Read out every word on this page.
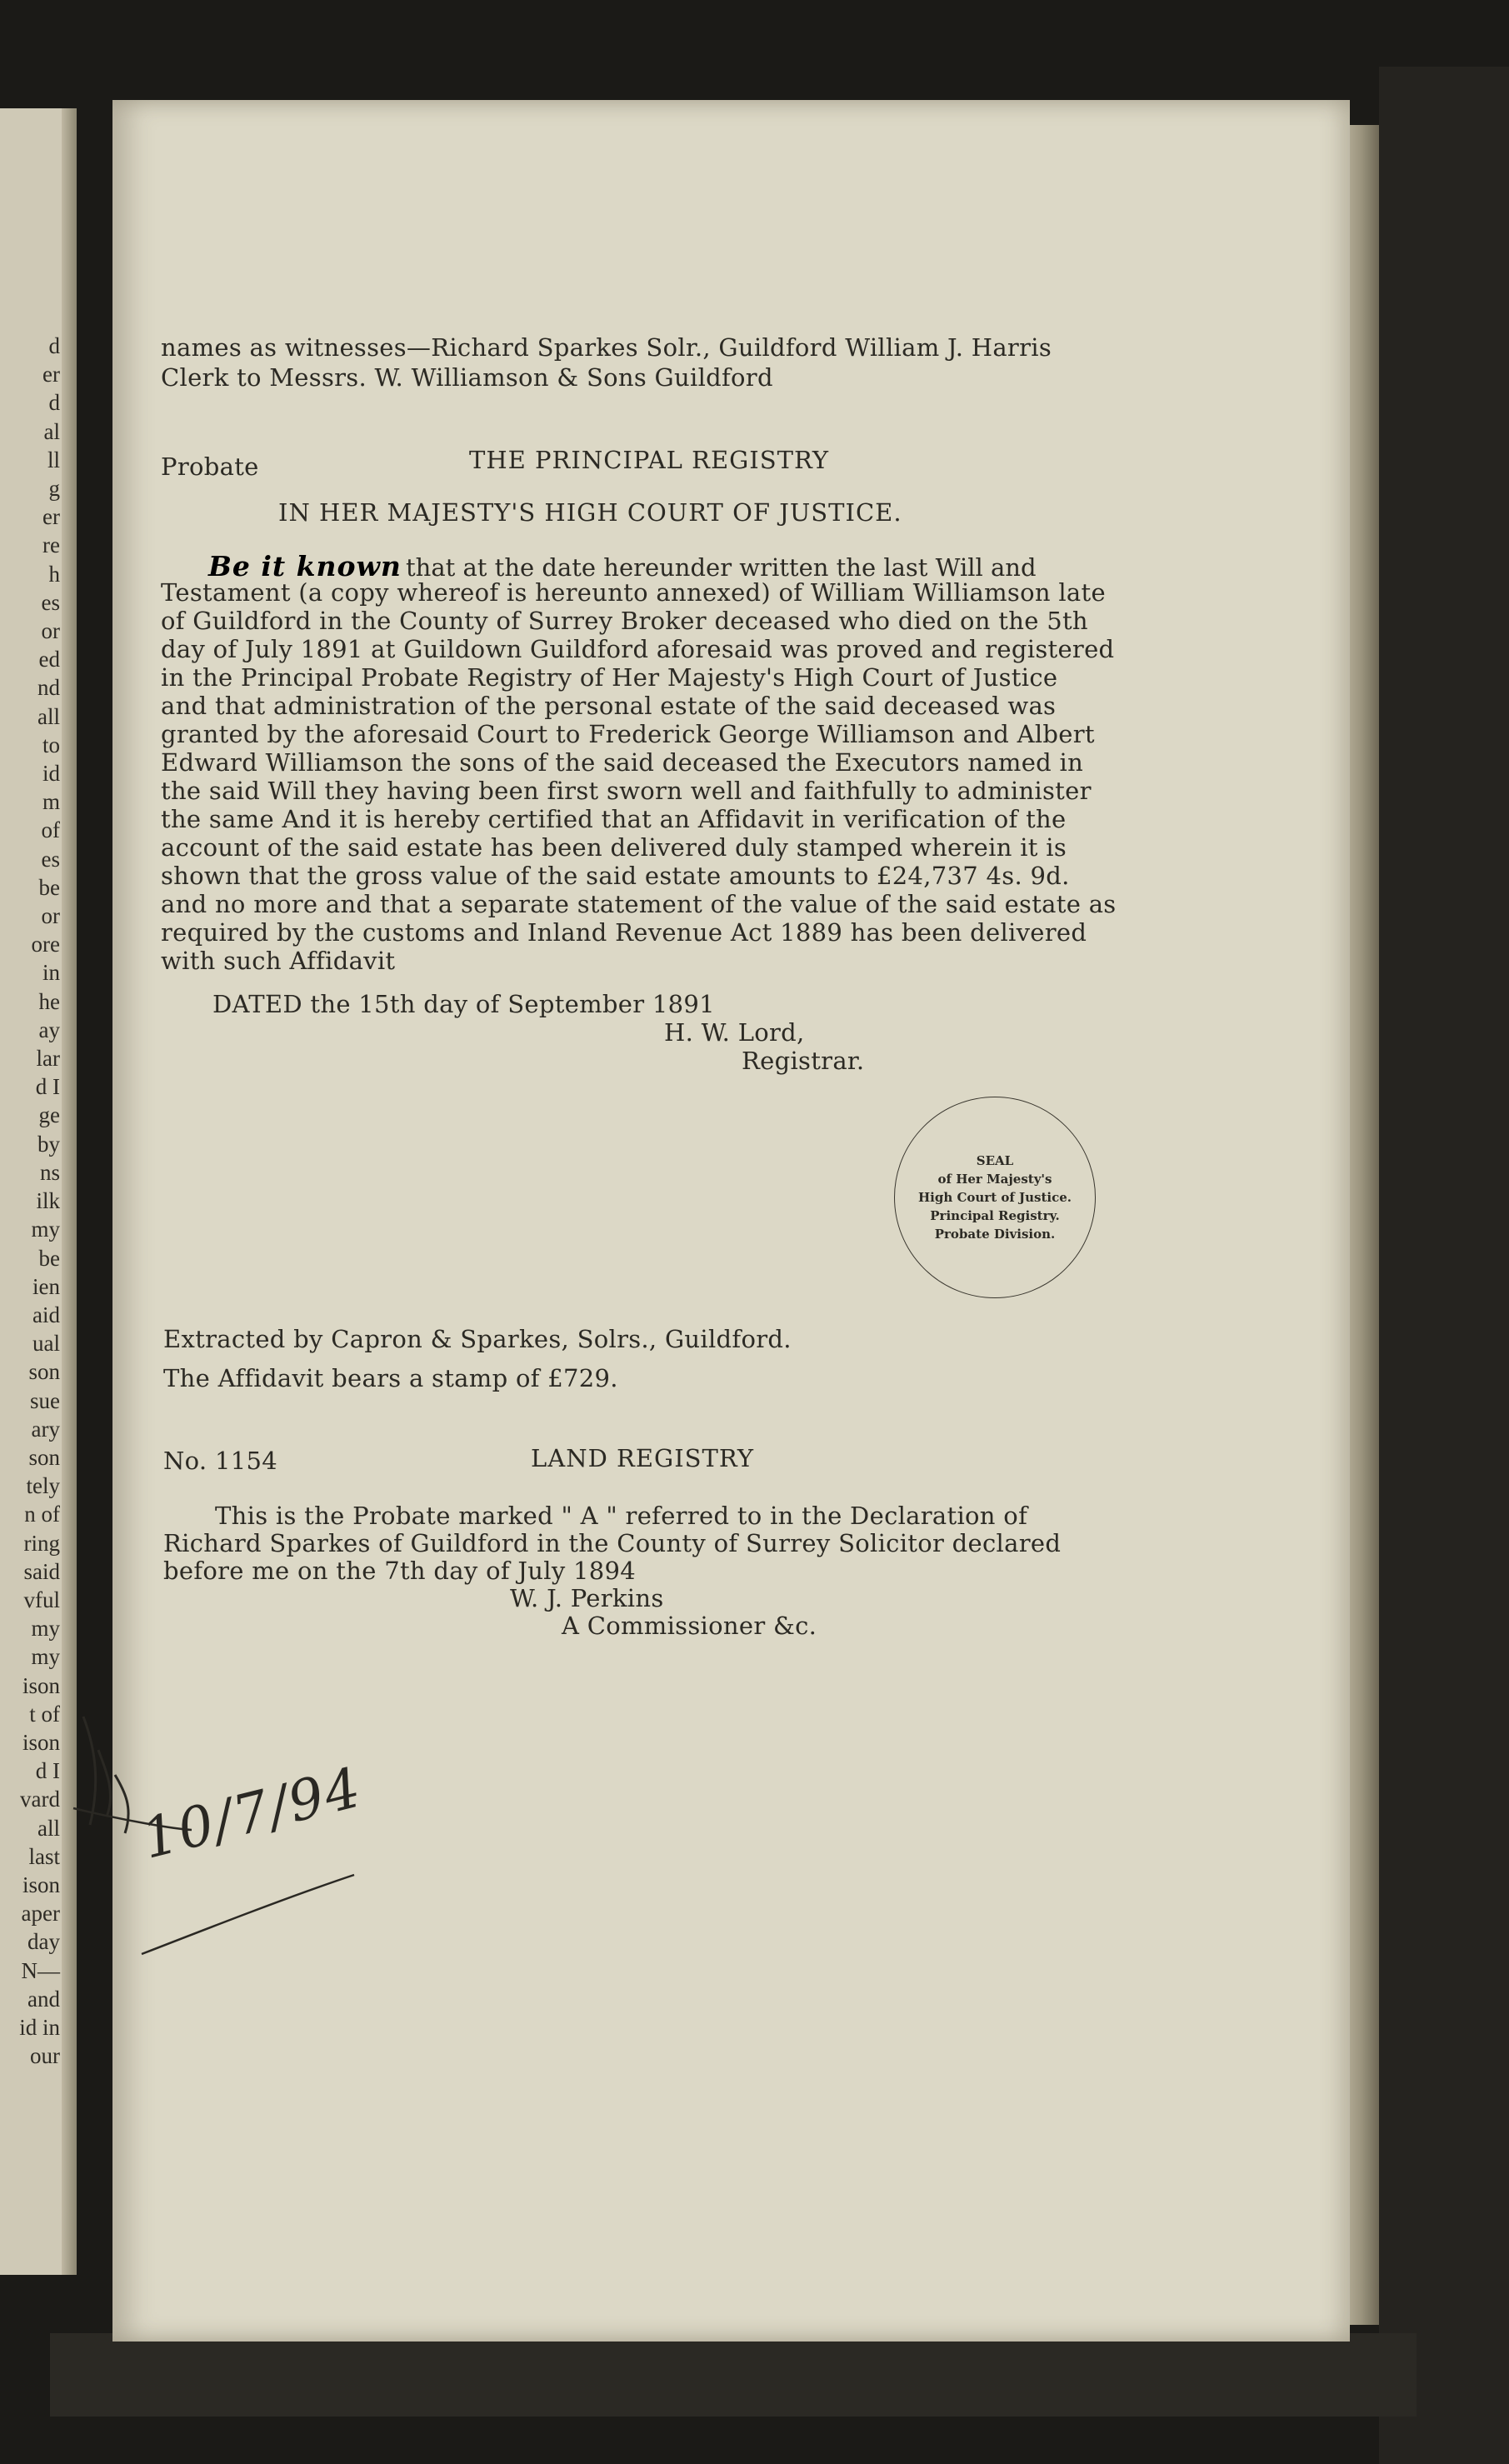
d
er
d
al
ll
g
er
re
h
es
or
ed
nd
all
to
id
m
of
es
be
or
ore
in
he
ay
lar
d I
ge
by
ns
ilk
my
be
ien
aid
ual
son
sue
ary
son
tely
n of
ring
said
vful
my
my
ison
t of
ison
d I
vard
all
last
ison
aper
day
N—
and
id in
our
names as witnesses—Richard Sparkes Solr., Guildford William J. Harris
Clerk to Messrs. W. Williamson & Sons Guildford
Probate	THE PRINCIPAL REGISTRY
IN HER MAJESTY'S HIGH COURT OF JUSTICE.
Be it known that at the date hereunder written the last Will and
Testament (a copy whereof is hereunto annexed) of William Williamson late
of Guildford in the County of Surrey Broker deceased who died on the 5th
day of July 1891 at Guildown Guildford aforesaid was proved and registered
in the Principal Probate Registry of Her Majesty's High Court of Justice
and that administration of the personal estate of the said deceased was
granted by the aforesaid Court to Frederick George Williamson and Albert
Edward Williamson the sons of the said deceased the Executors named in
the said Will they having been first sworn well and faithfully to administer
the same And it is hereby certified that an Affidavit in verification of the
account of the said estate has been delivered duly stamped wherein it is
shown that the gross value of the said estate amounts to £24,737 4s. 9d.
and no more and that a separate statement of the value of the said estate as
required by the customs and Inland Revenue Act 1889 has been delivered
with such Affidavit
DATED the 15th day of September 1891
H. W. Lord,
Registrar.
SEAL
of Her Majesty's
High Court of Justice.
Principal Registry.
Probate Division.
Extracted by Capron & Sparkes, Solrs., Guildford.
The Affidavit bears a stamp of £729.
No. 1154	LAND REGISTRY
This is the Probate marked " A " referred to in the Declaration of
Richard Sparkes of Guildford in the County of Surrey Solicitor declared
before me on the 7th day of July 1894
W. J. Perkins
A Commissioner &c.
10/7/94
